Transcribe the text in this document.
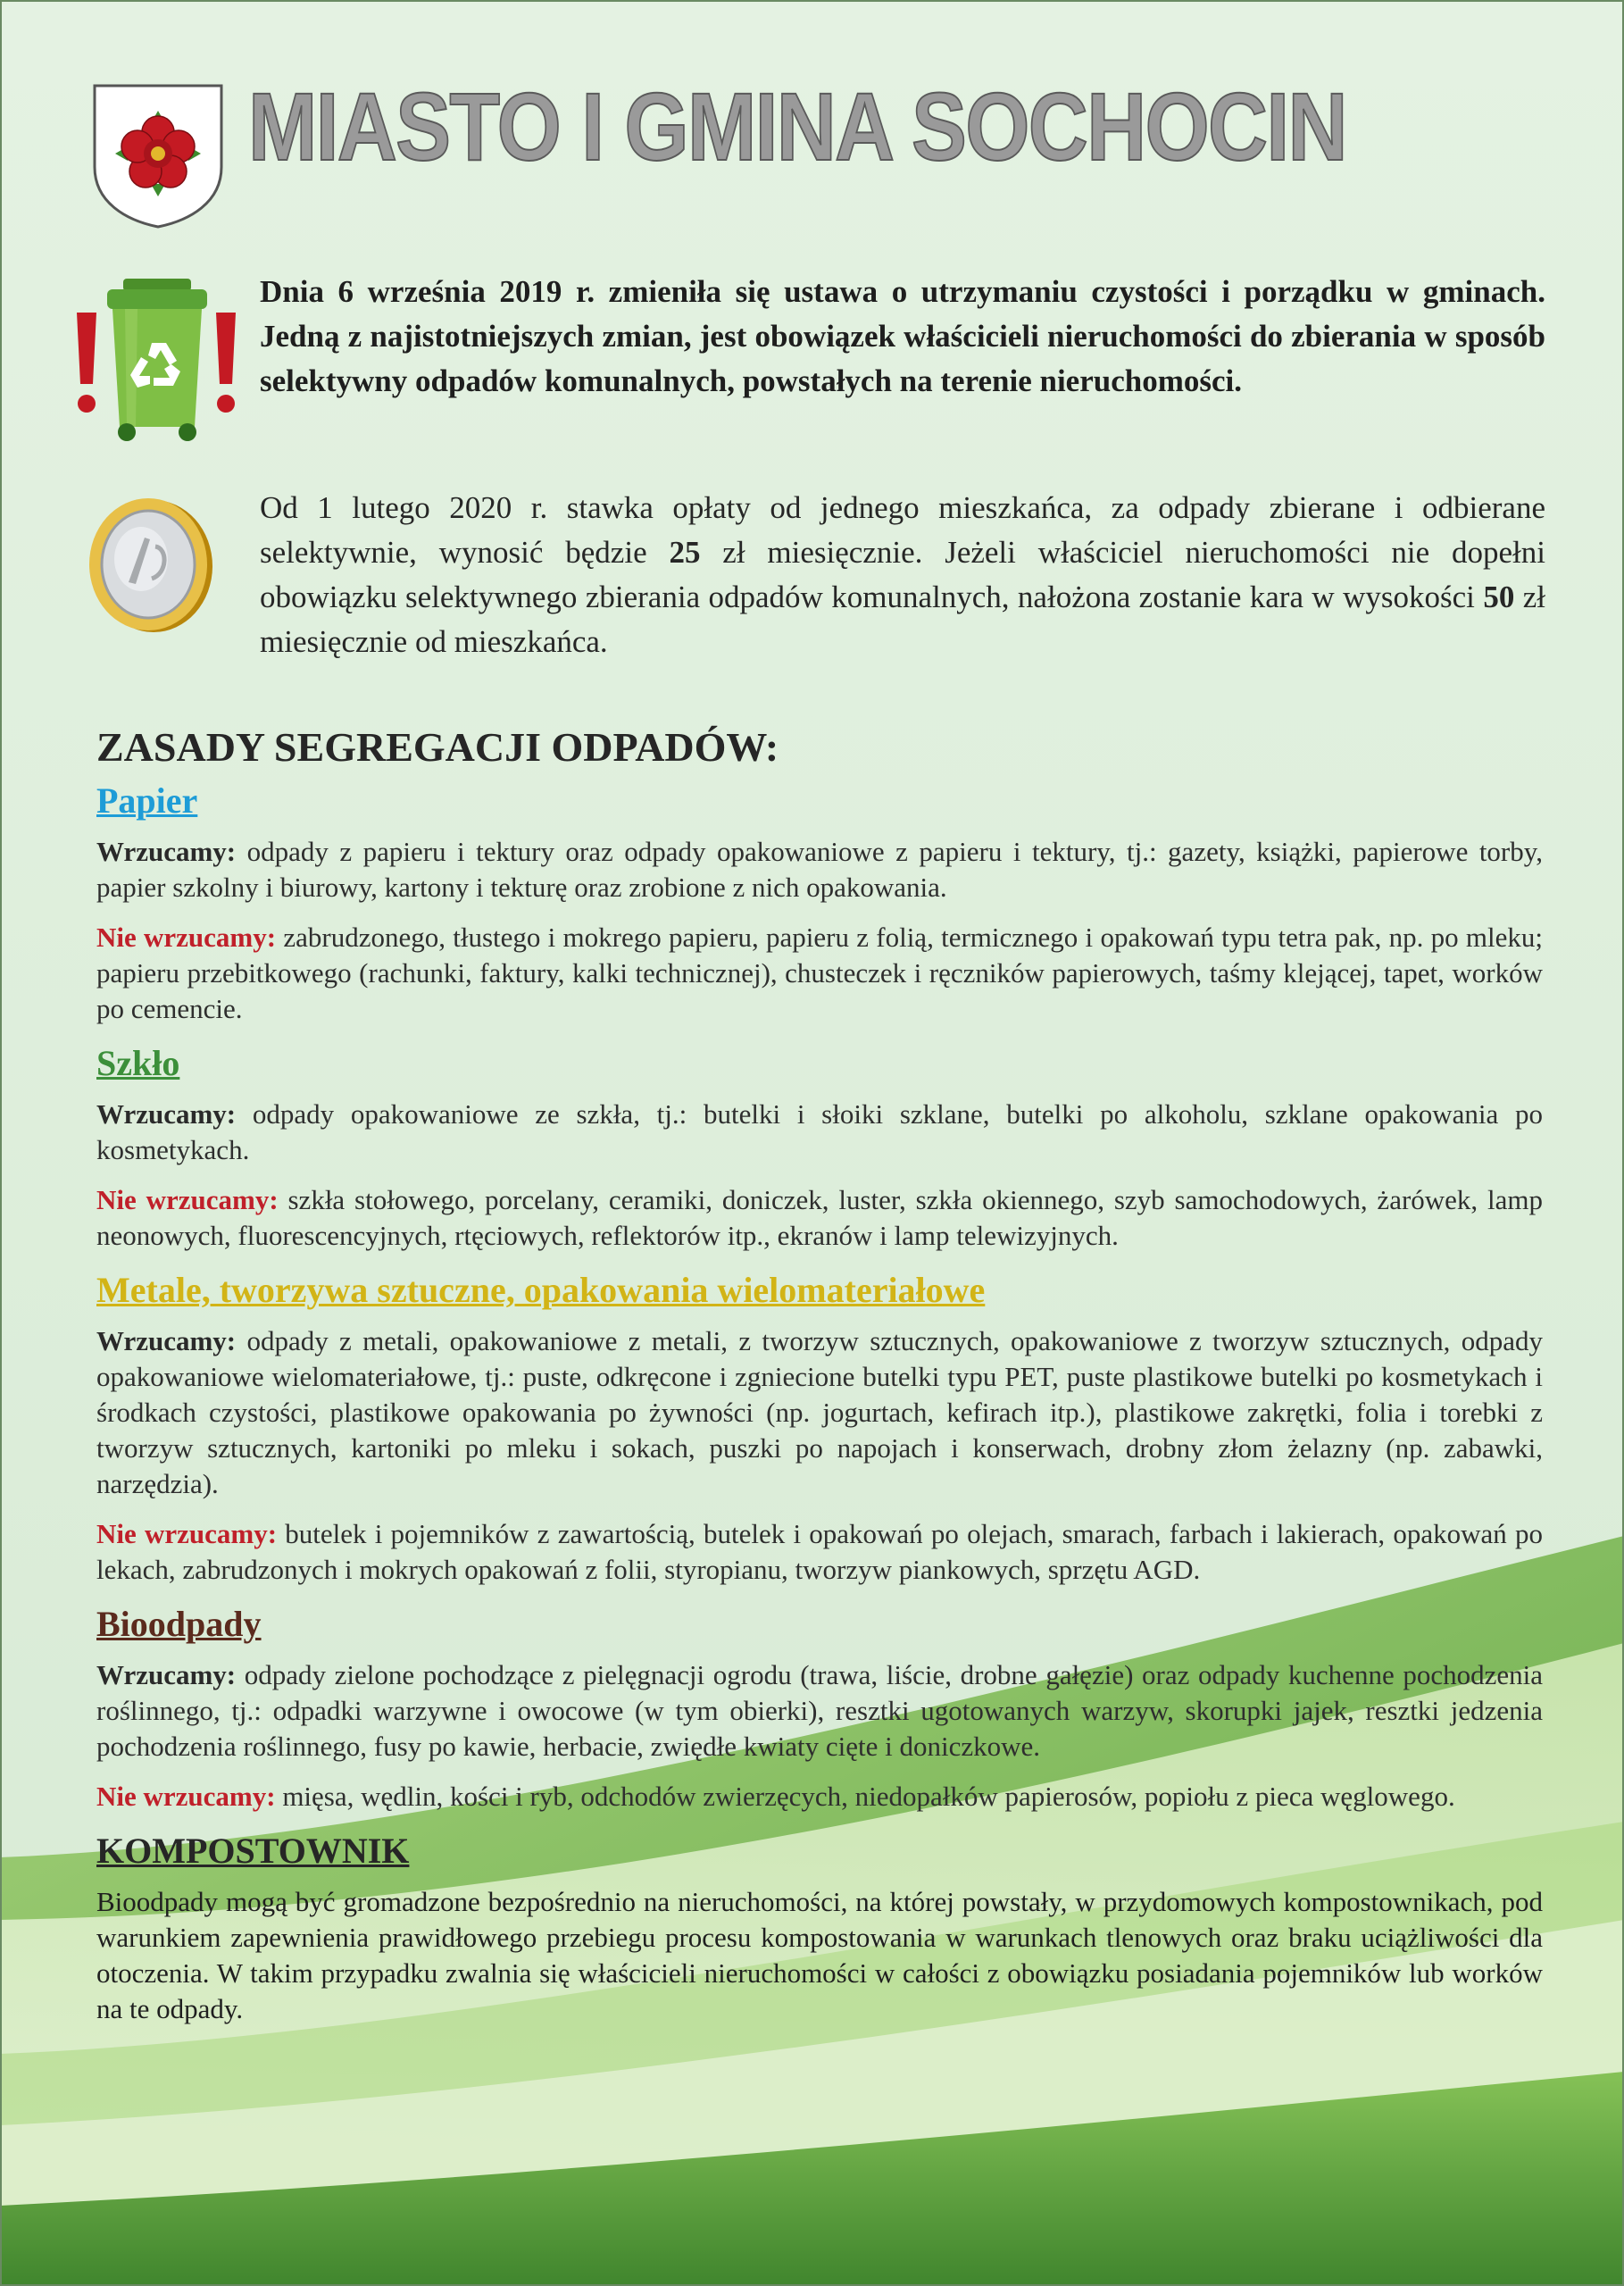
MIASTO I GMINA SOCHOCIN
Dnia 6 września 2019 r. zmieniła się ustawa o utrzymaniu czystości i porządku w gminach. Jedną z najistotniejszych zmian, jest obowiązek właścicieli nieruchomości do zbierania w sposób selektywny odpadów komunalnych, powstałych na terenie nieruchomości.
Od 1 lutego 2020 r. stawka opłaty od jednego mieszkańca, za odpady zbierane i odbierane selektywnie, wynosić będzie 25 zł miesięcznie. Jeżeli właściciel nieruchomości nie dopełni obowiązku selektywnego zbierania odpadów komunalnych, nałożona zostanie kara w wysokości 50 zł miesięcznie od mieszkańca.
ZASADY SEGREGACJI ODPADÓW:
Papier
Wrzucamy: odpady z papieru i tektury oraz odpady opakowaniowe z papieru i tektury, tj.: gazety, książki, papierowe torby, papier szkolny i biurowy, kartony i tekturę oraz zrobione z nich opakowania.
Nie wrzucamy: zabrudzonego, tłustego i mokrego papieru, papieru z folią, termicznego i opakowań typu tetra pak, np. po mleku; papieru przebitkowego (rachunki, faktury, kalki technicznej), chusteczek i ręczników papierowych, taśmy klejącej, tapet, worków po cemencie.
Szkło
Wrzucamy: odpady opakowaniowe ze szkła, tj.: butelki i słoiki szklane, butelki po alkoholu, szklane opakowania po kosmetykach.
Nie wrzucamy: szkła stołowego, porcelany, ceramiki, doniczek, luster, szkła okiennego, szyb samochodowych, żarówek, lamp neonowych, fluorescencyjnych, rtęciowych, reflektorów itp., ekranów i lamp telewizyjnych.
Metale, tworzywa sztuczne, opakowania wielomateriałowe
Wrzucamy: odpady z metali, opakowaniowe z metali, z tworzyw sztucznych, opakowaniowe z tworzyw sztucznych, odpady opakowaniowe wielomateriałowe, tj.: puste, odkręcone i zgniecione butelki typu PET, puste plastikowe butelki po kosmetykach i środkach czystości, plastikowe opakowania po żywności (np. jogurtach, kefirach itp.), plastikowe zakrętki, folia i torebki z tworzyw sztucznych, kartoniki po mleku i sokach, puszki po napojach i konserwach, drobny złom żelazny (np. zabawki, narzędzia).
Nie wrzucamy: butelek i pojemników z zawartością, butelek i opakowań po olejach, smarach, farbach i lakierach, opakowań po lekach, zabrudzonych i mokrych opakowań z folii, styropianu, tworzyw piankowych, sprzętu AGD.
Bioodpady
Wrzucamy: odpady zielone pochodzące z pielęgnacji ogrodu (trawa, liście, drobne gałęzie) oraz odpady kuchenne pochodzenia roślinnego, tj.: odpadki warzywne i owocowe (w tym obierki), resztki ugotowanych warzyw, skorupki jajek, resztki jedzenia pochodzenia roślinnego, fusy po kawie, herbacie, zwiędłe kwiaty cięte i doniczkowe.
Nie wrzucamy: mięsa, wędlin, kości i ryb, odchodów zwierzęcych, niedopałków papierosów, popiołu z pieca węglowego.
KOMPOSTOWNIK
Bioodpady mogą być gromadzone bezpośrednio na nieruchomości, na której powstały, w przydomowych kompostownikach, pod warunkiem zapewnienia prawidłowego przebiegu procesu kompostowania w warunkach tlenowych oraz braku uciążliwości dla otoczenia. W takim przypadku zwalnia się właścicieli nieruchomości w całości z obowiązku posiadania pojemników lub worków na te odpady.
